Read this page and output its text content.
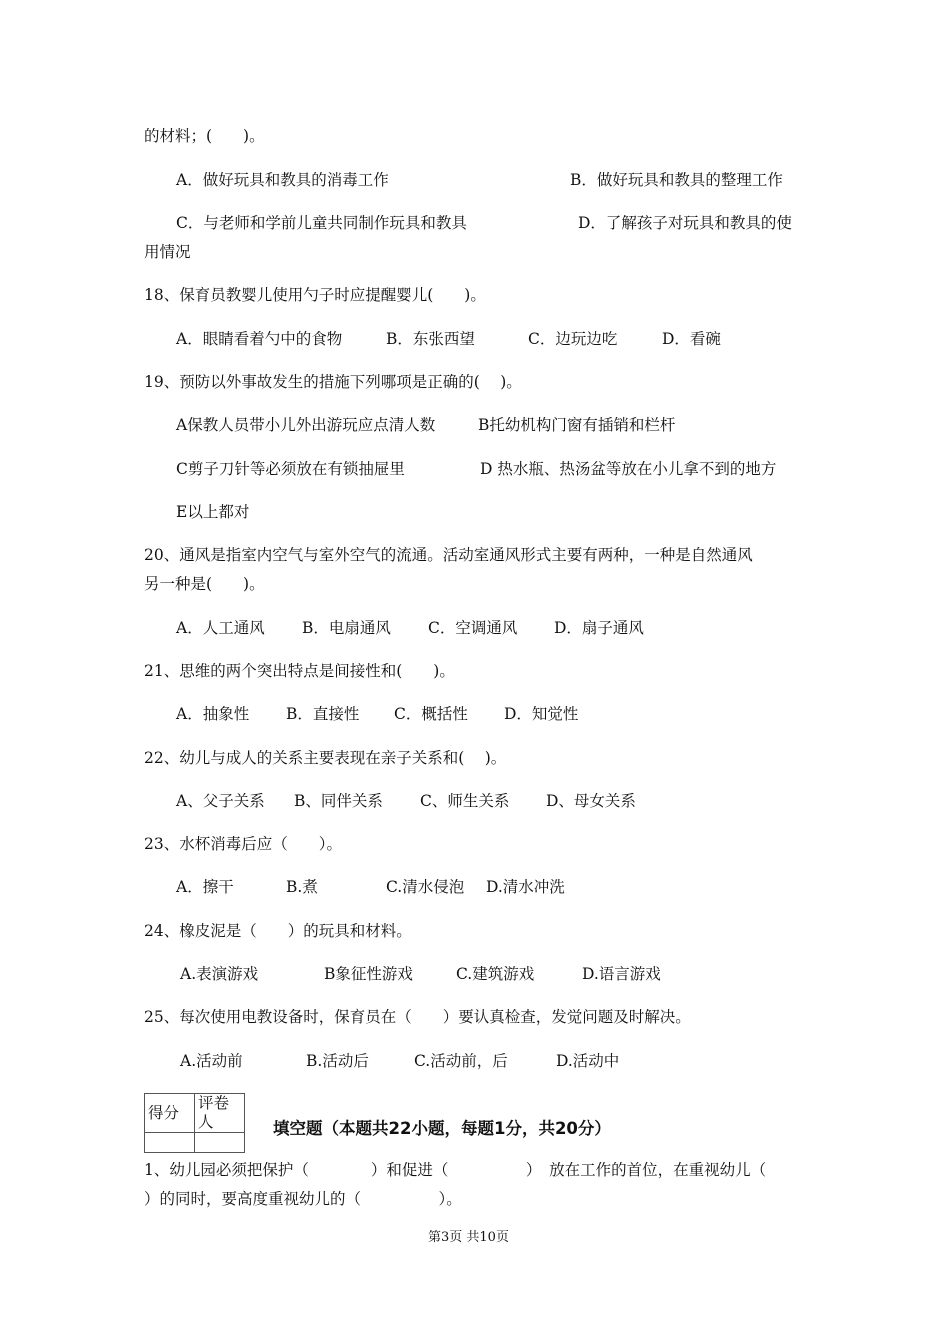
的材料；(　　)。
A．做好玩具和教具的消毒工作	B．做好玩具和教具的整理工作
C．与老师和学前儿童共同制作玩具和教具	D．了解孩子对玩具和教具的使
用情况
18、保育员教婴儿使用勺子时应提醒婴儿(　　)。
A．眼睛看着勺中的食物	B．东张西望	C．边玩边吃	D．看碗
19、预防以外事故发生的措施下列哪项是正确的(　 )。
A保教人员带小儿外出游玩应点清人数	B托幼机构门窗有插销和栏杆
C剪子刀针等必须放在有锁抽屉里	D 热水瓶、热汤盆等放在小儿拿不到的地方
E以上都对
20、通风是指室内空气与室外空气的流通。活动室通风形式主要有两种，一种是自然通风
另一种是(　　)。
A．人工通风 B．电扇通风 C．空调通风 D．扇子通风
21、思维的两个突出特点是间接性和(　　)。
A．抽象性 B．直接性 C．概括性 D．知觉性
22、幼儿与成人的关系主要表现在亲子关系和(　 )。
A、父子关系 B、同伴关系 C、师生关系 D、母女关系
23、水杯消毒后应（　　）。
A．擦干	B.煮	C.清水侵泡 D.清水冲洗
24、橡皮泥是（　　）的玩具和材料。
A.表演游戏	B象征性游戏	C.建筑游戏	D.语言游戏
25、每次使用电教设备时，保育员在（　　）要认真检查，发觉问题及时解决。
A.活动前	B.活动后	C.活动前，后	D.活动中
得分	评卷人
		填空题（本题共22小题，每题1分，共20分）
1、幼儿园必须把保护（　　　　）和促进（　　　　　）　放在工作的首位，在重视幼儿（
）的同时，要高度重视幼儿的（　　　　　）。
第3页 共10页
